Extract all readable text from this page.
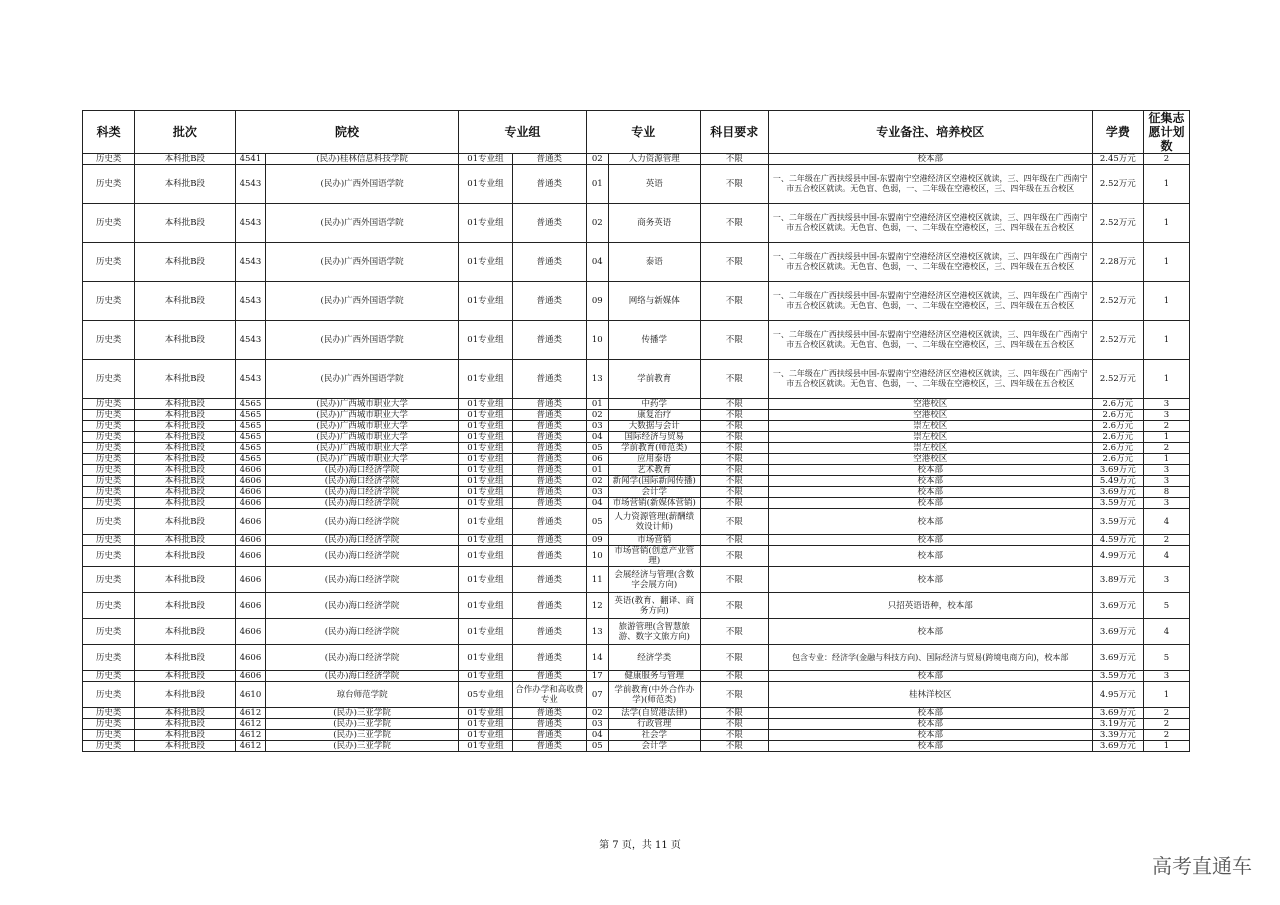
科类	批次	院校		专业组		专业		科目要求	专业备注、培养校区	学费	征集志愿计划数
历史类	本科批B段	4541	(民办)桂林信息科技学院	01专业组	普通类	02	人力资源管理	不限	校本部	2.45万元	2
历史类	本科批B段	4543	(民办)广西外国语学院	01专业组	普通类	01	英语	不限	一、二年级在广西扶绥县中国-东盟南宁空港经济区空港校区就读，三、四年级在广西南宁市五合校区就读。无色盲、色弱，一、二年级在空港校区，三、四年级在五合校区	2.52万元	1
历史类	本科批B段	4543	(民办)广西外国语学院	01专业组	普通类	02	商务英语	不限	一、二年级在广西扶绥县中国-东盟南宁空港经济区空港校区就读，三、四年级在广西南宁市五合校区就读。无色盲、色弱，一、二年级在空港校区，三、四年级在五合校区	2.52万元	1
历史类	本科批B段	4543	(民办)广西外国语学院	01专业组	普通类	04	泰语	不限	一、二年级在广西扶绥县中国-东盟南宁空港经济区空港校区就读，三、四年级在广西南宁市五合校区就读。无色盲、色弱，一、二年级在空港校区，三、四年级在五合校区	2.28万元	1
历史类	本科批B段	4543	(民办)广西外国语学院	01专业组	普通类	09	网络与新媒体	不限	一、二年级在广西扶绥县中国-东盟南宁空港经济区空港校区就读，三、四年级在广西南宁市五合校区就读。无色盲、色弱，一、二年级在空港校区，三、四年级在五合校区	2.52万元	1
历史类	本科批B段	4543	(民办)广西外国语学院	01专业组	普通类	10	传播学	不限	一、二年级在广西扶绥县中国-东盟南宁空港经济区空港校区就读，三、四年级在广西南宁市五合校区就读。无色盲、色弱，一、二年级在空港校区，三、四年级在五合校区	2.52万元	1
历史类	本科批B段	4543	(民办)广西外国语学院	01专业组	普通类	13	学前教育	不限	一、二年级在广西扶绥县中国-东盟南宁空港经济区空港校区就读，三、四年级在广西南宁市五合校区就读。无色盲、色弱，一、二年级在空港校区，三、四年级在五合校区	2.52万元	1
历史类	本科批B段	4565	(民办)广西城市职业大学	01专业组	普通类	01	中药学	不限	空港校区	2.6万元	3
历史类	本科批B段	4565	(民办)广西城市职业大学	01专业组	普通类	02	康复治疗	不限	空港校区	2.6万元	3
历史类	本科批B段	4565	(民办)广西城市职业大学	01专业组	普通类	03	大数据与会计	不限	崇左校区	2.6万元	2
历史类	本科批B段	4565	(民办)广西城市职业大学	01专业组	普通类	04	国际经济与贸易	不限	崇左校区	2.6万元	1
历史类	本科批B段	4565	(民办)广西城市职业大学	01专业组	普通类	05	学前教育(师范类)	不限	崇左校区	2.6万元	2
历史类	本科批B段	4565	(民办)广西城市职业大学	01专业组	普通类	06	应用泰语	不限	空港校区	2.6万元	1
历史类	本科批B段	4606	(民办)海口经济学院	01专业组	普通类	01	艺术教育	不限	校本部	3.69万元	3
历史类	本科批B段	4606	(民办)海口经济学院	01专业组	普通类	02	新闻学(国际新闻传播)	不限	校本部	5.49万元	3
历史类	本科批B段	4606	(民办)海口经济学院	01专业组	普通类	03	会计学	不限	校本部	3.69万元	8
历史类	本科批B段	4606	(民办)海口经济学院	01专业组	普通类	04	市场营销(新媒体营销)	不限	校本部	3.59万元	3
历史类	本科批B段	4606	(民办)海口经济学院	01专业组	普通类	05	人力资源管理(薪酬绩效设计师)	不限	校本部	3.59万元	4
历史类	本科批B段	4606	(民办)海口经济学院	01专业组	普通类	09	市场营销	不限	校本部	4.59万元	2
历史类	本科批B段	4606	(民办)海口经济学院	01专业组	普通类	10	市场营销(创意产业管理)	不限	校本部	4.99万元	4
历史类	本科批B段	4606	(民办)海口经济学院	01专业组	普通类	11	会展经济与管理(含数字会展方向)	不限	校本部	3.89万元	3
历史类	本科批B段	4606	(民办)海口经济学院	01专业组	普通类	12	英语(教育、翻译、商务方向)	不限	只招英语语种，校本部	3.69万元	5
历史类	本科批B段	4606	(民办)海口经济学院	01专业组	普通类	13	旅游管理(含智慧旅游、数字文旅方向)	不限	校本部	3.69万元	4
历史类	本科批B段	4606	(民办)海口经济学院	01专业组	普通类	14	经济学类	不限	包含专业：经济学(金融与科技方向)、国际经济与贸易(跨境电商方向)，校本部	3.69万元	5
历史类	本科批B段	4606	(民办)海口经济学院	01专业组	普通类	17	健康服务与管理	不限	校本部	3.59万元	3
历史类	本科批B段	4610	琼台师范学院	05专业组	合作办学和高收费专业	07	学前教育(中外合作办学)(师范类)	不限	桂林洋校区	4.95万元	1
历史类	本科批B段	4612	(民办)三亚学院	01专业组	普通类	02	法学(自贸港法律)	不限	校本部	3.69万元	2
历史类	本科批B段	4612	(民办)三亚学院	01专业组	普通类	03	行政管理	不限	校本部	3.19万元	2
历史类	本科批B段	4612	(民办)三亚学院	01专业组	普通类	04	社会学	不限	校本部	3.39万元	2
历史类	本科批B段	4612	(民办)三亚学院	01专业组	普通类	05	会计学	不限	校本部	3.69万元	1
第 7 页，共 11 页
高考直通车
